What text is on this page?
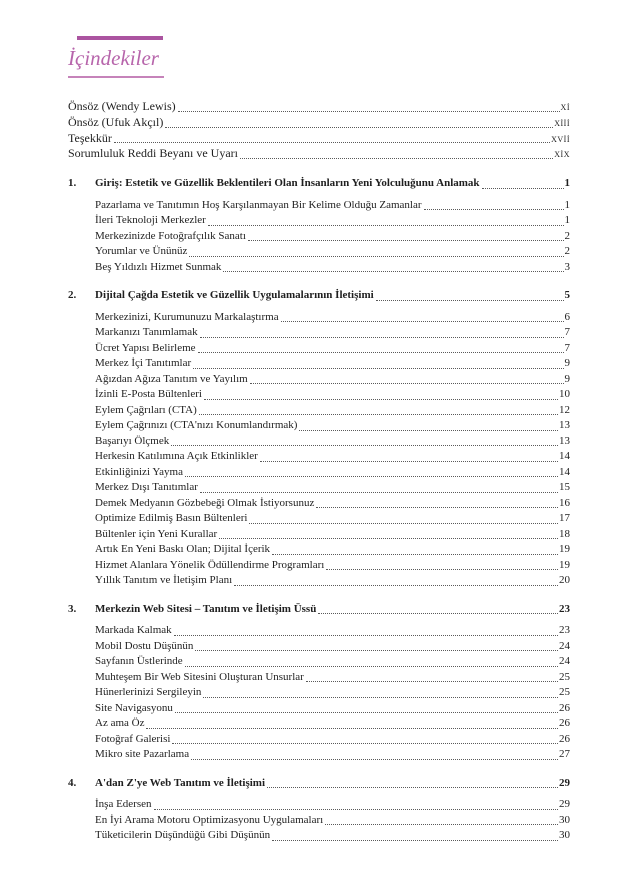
İçindekiler
Önsöz (Wendy Lewis)	xi
Önsöz (Ufuk Akçıl)	xiii
Teşekkür	xvii
Sorumluluk Reddi Beyanı ve Uyarı	xix
1.	Giriş: Estetik ve Güzellik Beklentileri Olan İnsanların Yeni Yolculuğunu Anlamak	1
Pazarlama ve Tanıtımın Hoş Karşılanmayan Bir Kelime Olduğu Zamanlar	1
İleri Teknoloji Merkezler	1
Merkezinizde Fotoğrafçılık Sanatı	2
Yorumlar ve Ününüz	2
Beş Yıldızlı Hizmet Sunmak	3
2.	Dijital Çağda Estetik ve Güzellik Uygulamalarının İletişimi	5
Merkezinizi, Kurumunuzu Markalaştırma	6
Markanızı Tanımlamak	7
Ücret Yapısı Belirleme	7
Merkez İçi Tanıtımlar	9
Ağızdan Ağıza Tanıtım ve Yayılım	9
İzinli E-Posta Bültenleri	10
Eylem Çağrıları (CTA)	12
Eylem Çağrınızı (CTA'nızı Konumlandırmak)	13
Başarıyı Ölçmek	13
Herkesin Katılımına Açık Etkinlikler	14
Etkinliğinizi Yayma	14
Merkez Dışı Tanıtımlar	15
Demek Medyanın Gözbebeği Olmak İstiyorsunuz	16
Optimize Edilmiş Basın Bültenleri	17
Bültenler için Yeni Kurallar	18
Artık En Yeni Baskı Olan; Dijital İçerik	19
Hizmet Alanlara Yönelik Ödüllendirme Programları	19
Yıllık Tanıtım ve İletişim Planı	20
3.	Merkezin Web Sitesi – Tanıtım ve İletişim Üssü	23
Markada Kalmak	23
Mobil Dostu Düşünün	24
Sayfanın Üstlerinde	24
Muhteşem Bir Web Sitesini Oluşturan Unsurlar	25
Hünerlerinizi Sergileyin	25
Site Navigasyonu	26
Az ama Öz	26
Fotoğraf Galerisi	26
Mikro site Pazarlama	27
4.	A'dan Z'ye Web Tanıtım ve İletişimi	29
İnşa Edersen	29
En İyi Arama Motoru Optimizasyonu Uygulamaları	30
Tüketicilerin Düşündüğü Gibi Düşünün	30
